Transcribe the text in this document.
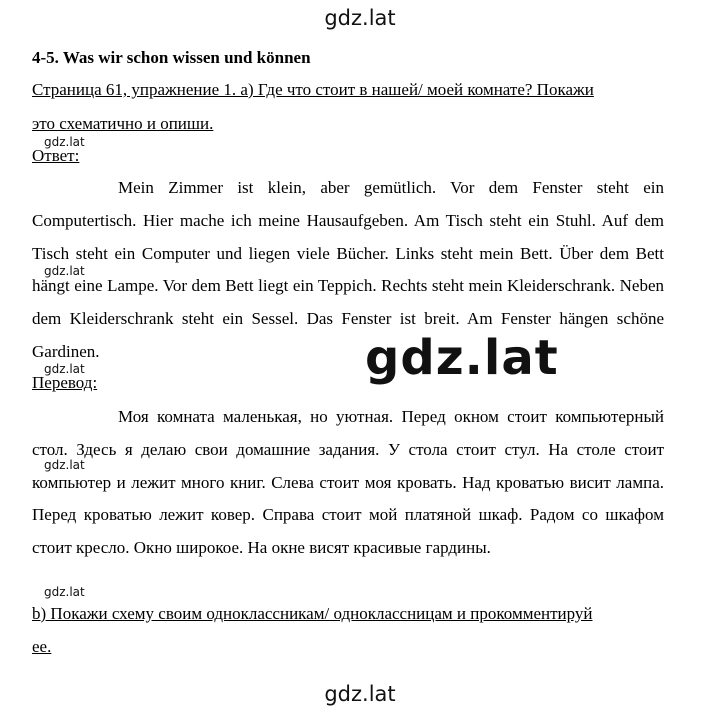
gdz.lat
4-5. Was wir schon wissen und können
Страница 61, упражнение 1. а) Где что стоит в нашей/ моей комнате? Покажи
это схематично и опиши.
gdz.lat
Ответ:

Mein Zimmer ist klein, aber gemütlich. Vor dem Fenster steht ein Computertisch. Hier mache ich meine Hausaufgeben. Am Tisch steht ein Stuhl. Auf dem Tisch steht ein Computer und liegen viele Bücher. Links steht mein Bett. Über dem Bett hängt eine Lampe. Vor dem Bett liegt ein Teppich. Rechts steht mein Kleiderschrank. Neben dem Kleiderschrank steht ein Sessel. Das Fenster ist breit. Am Fenster hängen schöne Gardinen.

gdz.lat
gdz.lat
gdz.lat
Перевод:

Моя комната маленькая, но уютная. Перед окном стоит компьютерный стол. Здесь я делаю свои домашние задания. У стола стоит стул. На столе стоит компьютер и лежит много книг. Слева стоит моя кровать. Над кроватью висит лампа. Перед кроватью лежит ковер. Справа стоит мой платяной шкаф. Радом со шкафом стоит кресло. Окно широкое. На окне висят красивые гардины.

gdz.lat
gdz.lat
b) Покажи схему своим одноклассникам/ одноклассницам и прокомментируй
ее.
gdz.lat
